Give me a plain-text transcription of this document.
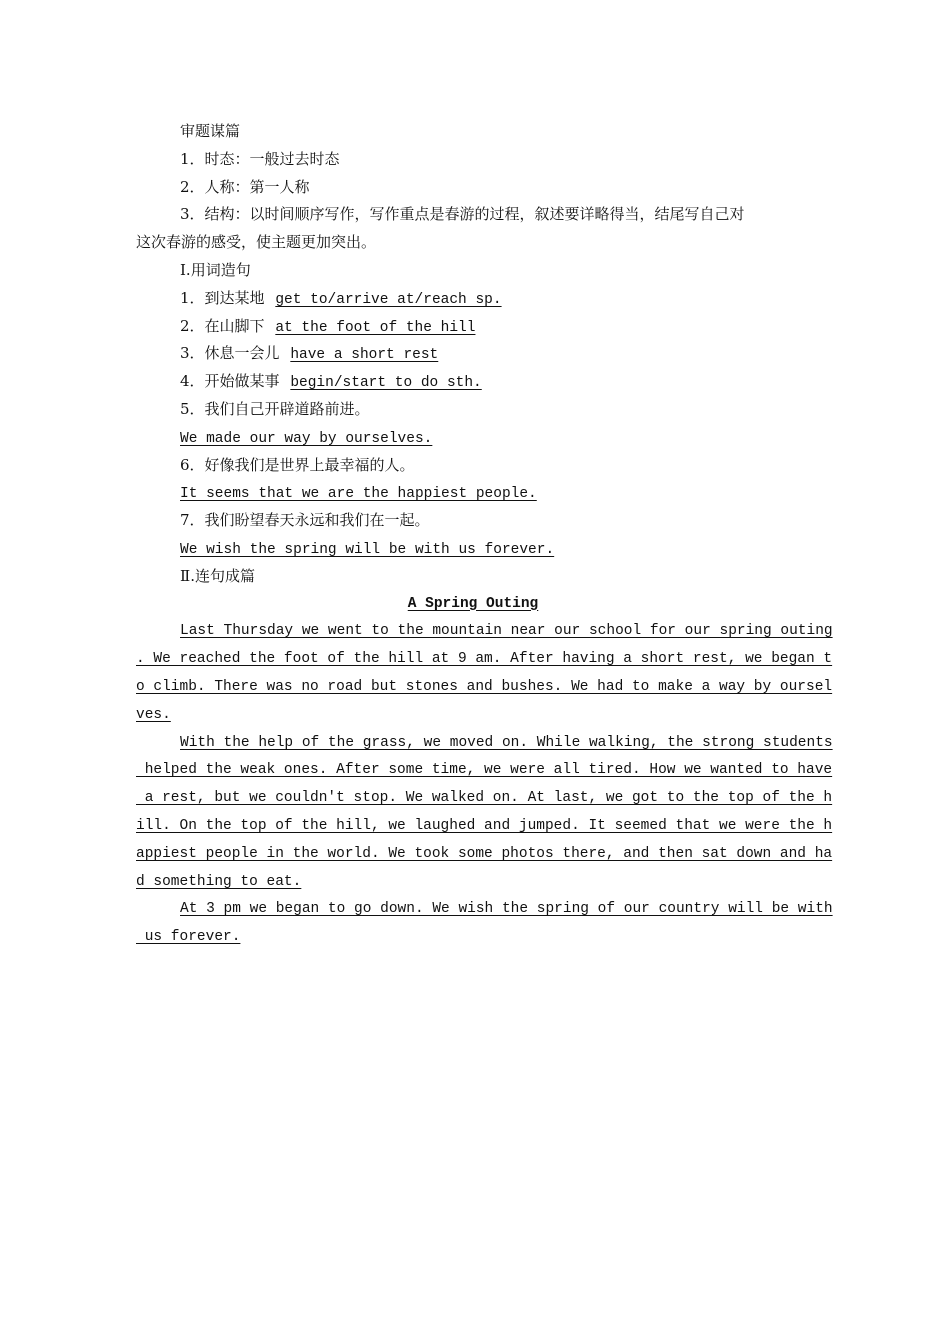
审题谋篇
1．时态：一般过去时态
2．人称：第一人称
3．结构：以时间顺序写作，写作重点是春游的过程，叙述要详略得当，结尾写自己对
这次春游的感受，使主题更加突出。
Ⅰ.用词造句
1．到达某地 get to/arrive at/reach sp.
2．在山脚下 at the foot of the hill
3．休息一会儿 have a short rest
4．开始做某事 begin/start to do sth.
5．我们自己开辟道路前进。
We made our way by ourselves.
6．好像我们是世界上最幸福的人。
It seems that we are the happiest people.
7．我们盼望春天永远和我们在一起。
We wish the spring will be with us forever.
Ⅱ.连句成篇
A Spring Outing
Last Thursday we went to the mountain near our school for our spring outing
. We reached the foot of the hill at 9 am. After having a short rest, we began t
o climb. There was no road but stones and bushes. We had to make a way by oursel
ves.
With the help of the grass, we moved on. While walking, the strong students
helped the weak ones. After some time, we were all tired. How we wanted to have
a rest, but we couldn't stop. We walked on. At last, we got to the top of the h
ill. On the top of the hill, we laughed and jumped. It seemed that we were the h
appiest people in the world. We took some photos there, and then sat down and ha
d something to eat.
At 3 pm we began to go down. We wish the spring of our country will be with
us forever.
